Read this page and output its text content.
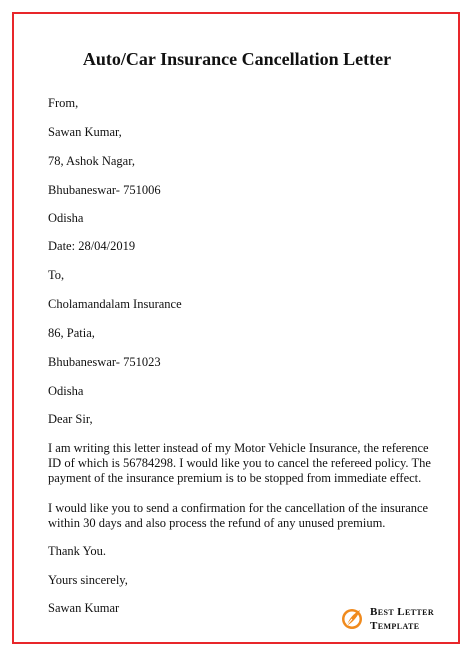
Auto/Car Insurance Cancellation Letter

From,

Sawan Kumar,

78, Ashok Nagar,

Bhubaneswar- 751006

Odisha

Date: 28/04/2019

To,

Cholamandalam Insurance

86, Patia,

Bhubaneswar- 751023

Odisha

Dear Sir,

I am writing this letter instead of my Motor Vehicle Insurance, the reference ID of which is 56784298. I would like you to cancel the refereed policy. The payment of the insurance premium is to be stopped from immediate effect.

I would like you to send a confirmation for the cancellation of the insurance within 30 days and also process the refund of any unused premium.

Thank You.

Yours sincerely,

Sawan Kumar	Best Letter
Template
